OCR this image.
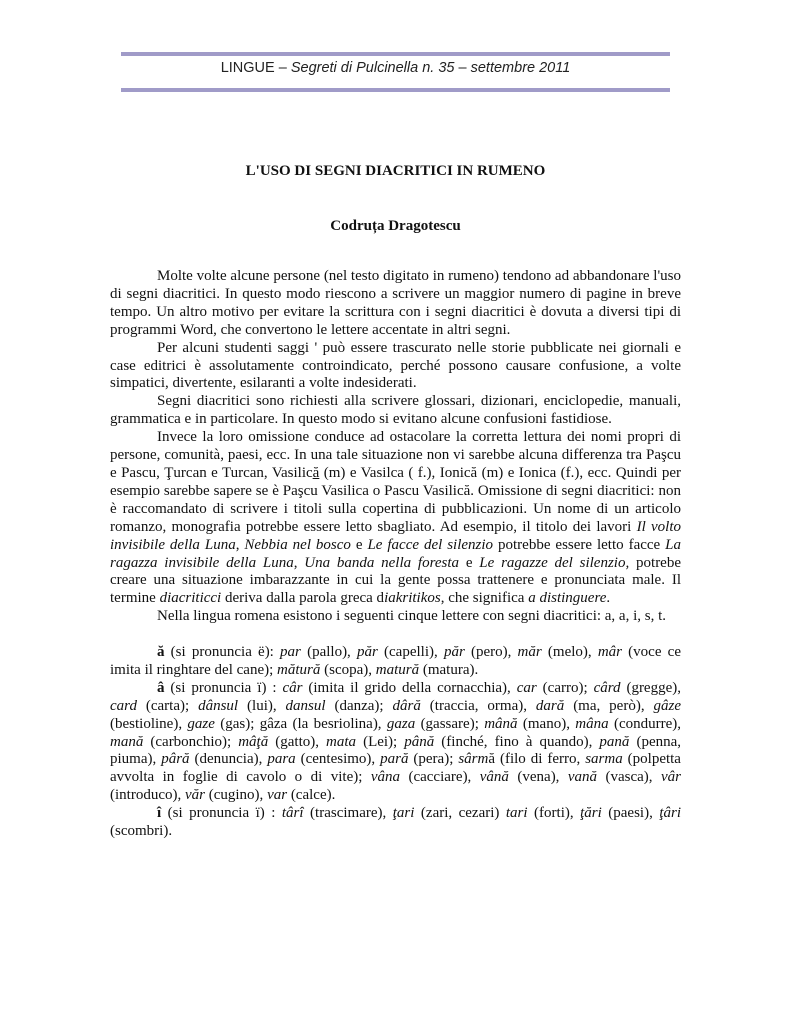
LINGUE – Segreti di Pulcinella n. 35 – settembre 2011
L'USO DI SEGNI DIACRITICI IN RUMENO
Codruța Dragotescu

Molte volte alcune persone (nel testo digitato in rumeno) tendono ad abbandonare l'uso di segni diacritici. In questo modo riescono a scrivere un maggior numero di pagine in breve tempo. Un altro motivo per evitare la scrittura con i segni diacritici è dovuta a diversi tipi di programmi Word, che convertono le lettere accentate in altri segni.

Per alcuni studenti saggi ' può essere trascurato nelle storie pubblicate nei giornali e case editrici è assolutamente controindicato, perché possono causare confusione, a volte simpatici, divertente, esilaranti a volte indesiderati.

Segni diacritici sono richiesti alla scrivere glossari, dizionari, enciclopedie, manuali, grammatica e in particolare. In questo modo si evitano alcune confusioni fastidiose.

Invece la loro omissione conduce ad ostacolare la corretta lettura dei nomi propri di persone, comunità, paesi, ecc. In una tale situazione non vi sarebbe alcuna differenza tra Paşcu e Pascu, Ţurcan e Turcan, Vasilică (m) e Vasilca ( f.), Ionică (m) e Ionica (f.), ecc. Quindi per esempio sarebbe sapere se è Paşcu Vasilica o Pascu Vasilică. Omissione di segni diacritici: non è raccomandato di scrivere i titoli sulla copertina di pubblicazioni. Un nome di un articolo romanzo, monografia potrebbe essere letto sbagliato. Ad esempio, il titolo dei lavori Il volto invisibile della Luna, Nebbia nel bosco e Le facce del silenzio potrebbe essere letto facce La ragazza invisibile della Luna, Una banda nella foresta e Le ragazze del silenzio, potrebe creare una situazione imbarazzante in cui la gente possa trattenere e pronunciata male. Il termine diacriticci deriva dalla parola greca diakritikos, che significa a distinguere.

Nella lingua romena esistono i seguenti cinque lettere con segni diacritici: a, a, i, s, t.

ă (si pronuncia ë): par (pallo), păr (capelli), păr (pero), măr (melo), mâr (voce ce imita il ringhtare del cane); mătură (scopa), matură (matura).

â (si pronuncia ï) : câr (imita il grido della cornacchia), car (carro); cârd (gregge), card (carta); dânsul (lui), dansul (danza); dâră (traccia, orma), dară (ma, però), gâze (bestioline), gaze (gas); gâza (la besriolina), gaza (gassare); mână (mano), mâna (condurre), mană (carbonchio); mâţă (gatto), mata (Lei); până (finché, fino à quando), pană (penna, piuma), pâră (denuncia), para (centesimo), pară (pera); sârmă (filo di ferro, sarma (polpetta avvolta in foglie di cavolo o di vite); vâna (cacciare), vână (vena), vană (vasca), vâr (introduco), văr (cugino), var (calce).

î (si pronuncia ï) : târî (trascimare), ţari (zari, cezari) tari (forti), ţări (paesi), ţâri (scombri).
